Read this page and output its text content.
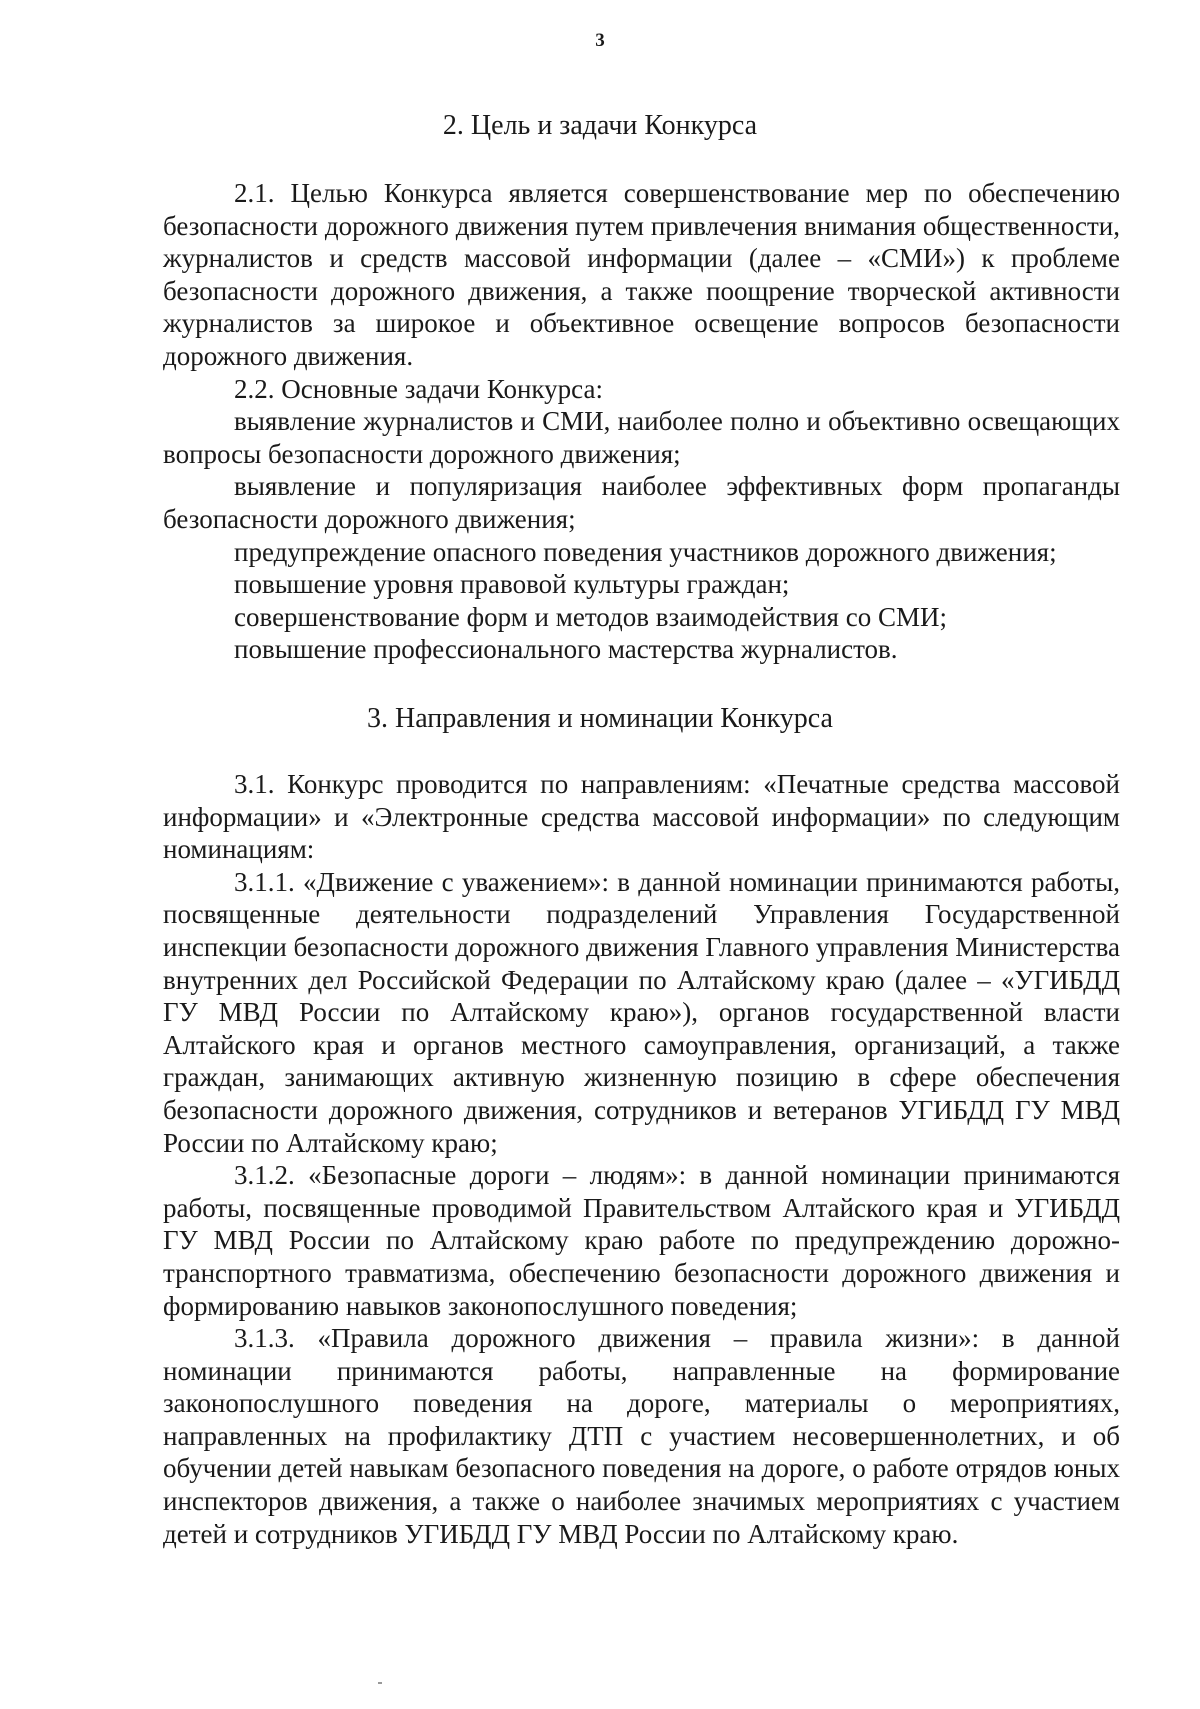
3
2. Цель и задачи Конкурса

2.1. Целью Конкурса является совершенствование мер по обеспечению безопасности дорожного движения путем привлечения внимания общественности, журналистов и средств массовой информации (далее – «СМИ») к проблеме безопасности дорожного движения, а также поощрение творческой активности журналистов за широкое и объективное освещение вопросов безопасности дорожного движения.

2.2. Основные задачи Конкурса:

выявление журналистов и СМИ, наиболее полно и объективно освещающих вопросы безопасности дорожного движения;

выявление и популяризация наиболее эффективных форм пропаганды безопасности дорожного движения;

предупреждение опасного поведения участников дорожного движения;

повышение уровня правовой культуры граждан;

совершенствование форм и методов взаимодействия со СМИ;

повышение профессионального мастерства журналистов.

3. Направления и номинации Конкурса

3.1. Конкурс проводится по направлениям: «Печатные средства массовой информации» и «Электронные средства массовой информации» по следующим номинациям:

3.1.1. «Движение с уважением»: в данной номинации принимаются работы, посвященные деятельности подразделений Управления Государственной инспекции безопасности дорожного движения Главного управления Министерства внутренних дел Российской Федерации по Алтайскому краю (далее – «УГИБДД ГУ МВД России по Алтайскому краю»), органов государственной власти Алтайского края и органов местного самоуправления, организаций, а также граждан, занимающих активную жизненную позицию в сфере обеспечения безопасности дорожного движения, сотрудников и ветеранов УГИБДД ГУ МВД России по Алтайскому краю;

3.1.2. «Безопасные дороги – людям»: в данной номинации принимаются работы, посвященные проводимой Правительством Алтайского края и УГИБДД ГУ МВД России по Алтайскому краю работе по предупреждению дорожно-транспортного травматизма, обеспечению безопасности дорожного движения и формированию навыков законопослушного поведения;

3.1.3. «Правила дорожного движения – правила жизни»: в данной номинации принимаются работы, направленные на формирование законопослушного поведения на дороге, материалы о мероприятиях, направленных на профилактику ДТП с участием несовершеннолетних, и об обучении детей навыкам безопасного поведения на дороге, о работе отрядов юных инспекторов движения, а также о наиболее значимых мероприятиях с участием детей и сотрудников УГИБДД ГУ МВД России по Алтайскому краю.
